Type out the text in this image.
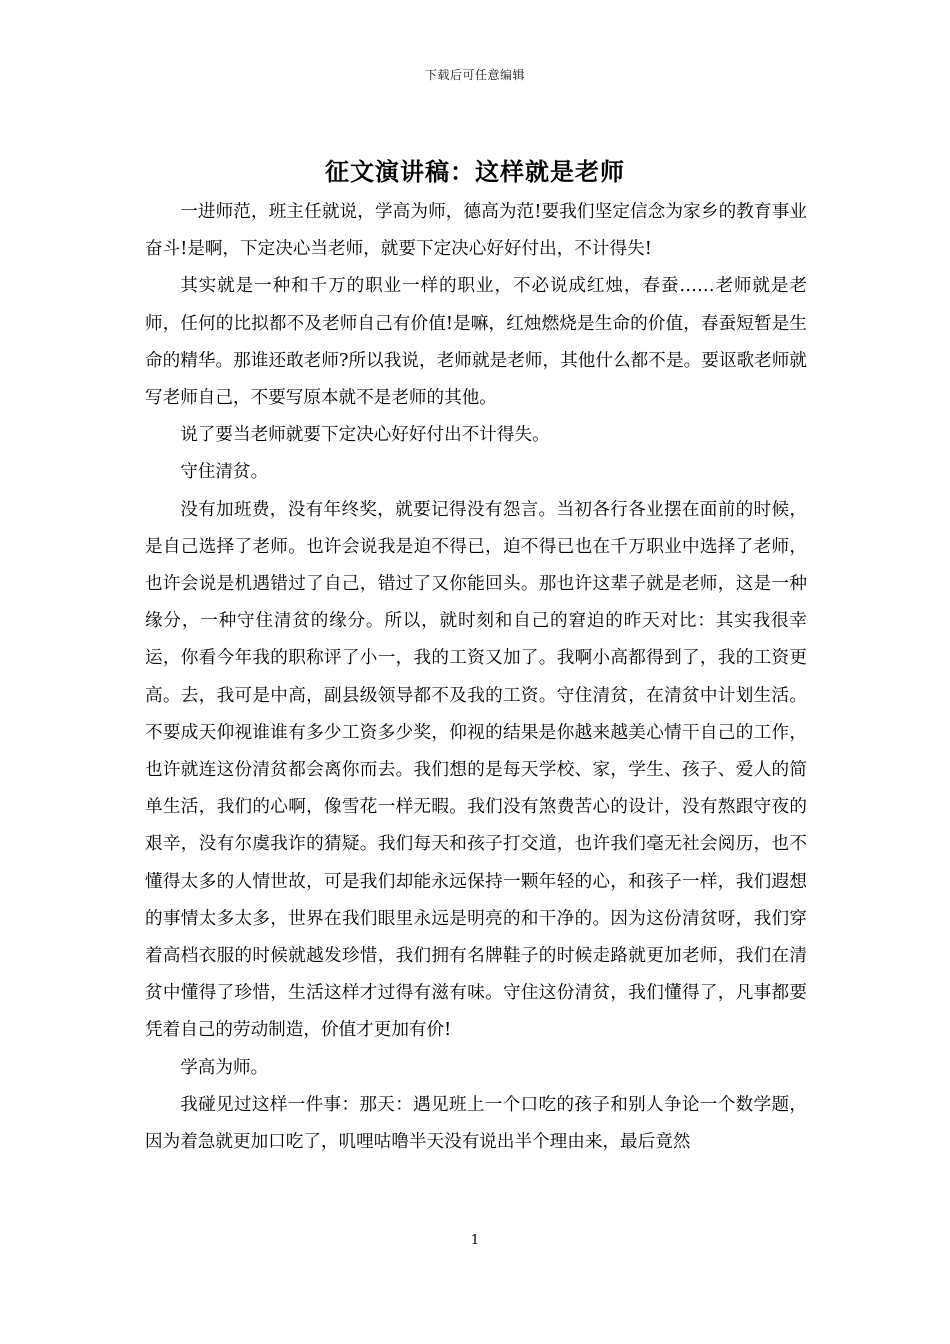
下载后可任意编辑
征文演讲稿：这样就是老师

一进师范，班主任就说，学高为师，德高为范!要我们坚定信念为家乡的教育事业奋斗!是啊，下定决心当老师，就要下定决心好好付出，不计得失!

其实就是一种和千万的职业一样的职业，不必说成红烛，春蚕……老师就是老师，任何的比拟都不及老师自己有价值!是嘛，红烛燃烧是生命的价值，春蚕短暂是生命的精华。那谁还敢老师?所以我说，老师就是老师，其他什么都不是。要讴歌老师就写老师自己，不要写原本就不是老师的其他。

说了要当老师就要下定决心好好付出不计得失。

守住清贫。

没有加班费，没有年终奖，就要记得没有怨言。当初各行各业摆在面前的时候，是自己选择了老师。也许会说我是迫不得已，迫不得已也在千万职业中选择了老师，也许会说是机遇错过了自己，错过了又你能回头。那也许这辈子就是老师，这是一种缘分，一种守住清贫的缘分。所以，就时刻和自己的窘迫的昨天对比：其实我很幸运，你看今年我的职称评了小一，我的工资又加了。我啊小高都得到了，我的工资更高。去，我可是中高，副县级领导都不及我的工资。守住清贫，在清贫中计划生活。不要成天仰视谁谁有多少工资多少奖，仰视的结果是你越来越美心情干自己的工作，也许就连这份清贫都会离你而去。我们想的是每天学校、家，学生、孩子、爱人的简单生活，我们的心啊，像雪花一样无暇。我们没有煞费苦心的设计，没有熬跟守夜的艰辛，没有尔虞我诈的猜疑。我们每天和孩子打交道，也许我们毫无社会阅历，也不懂得太多的人情世故，可是我们却能永远保持一颗年轻的心，和孩子一样，我们遐想的事情太多太多，世界在我们眼里永远是明亮的和干净的。因为这份清贫呀，我们穿着高档衣服的时候就越发珍惜，我们拥有名牌鞋子的时候走路就更加老师，我们在清贫中懂得了珍惜，生活这样才过得有滋有味。守住这份清贫，我们懂得了，凡事都要凭着自己的劳动制造，价值才更加有价!

学高为师。

我碰见过这样一件事：那天：遇见班上一个口吃的孩子和别人争论一个数学题，因为着急就更加口吃了，叽哩咕噜半天没有说出半个理由来，最后竟然

1
